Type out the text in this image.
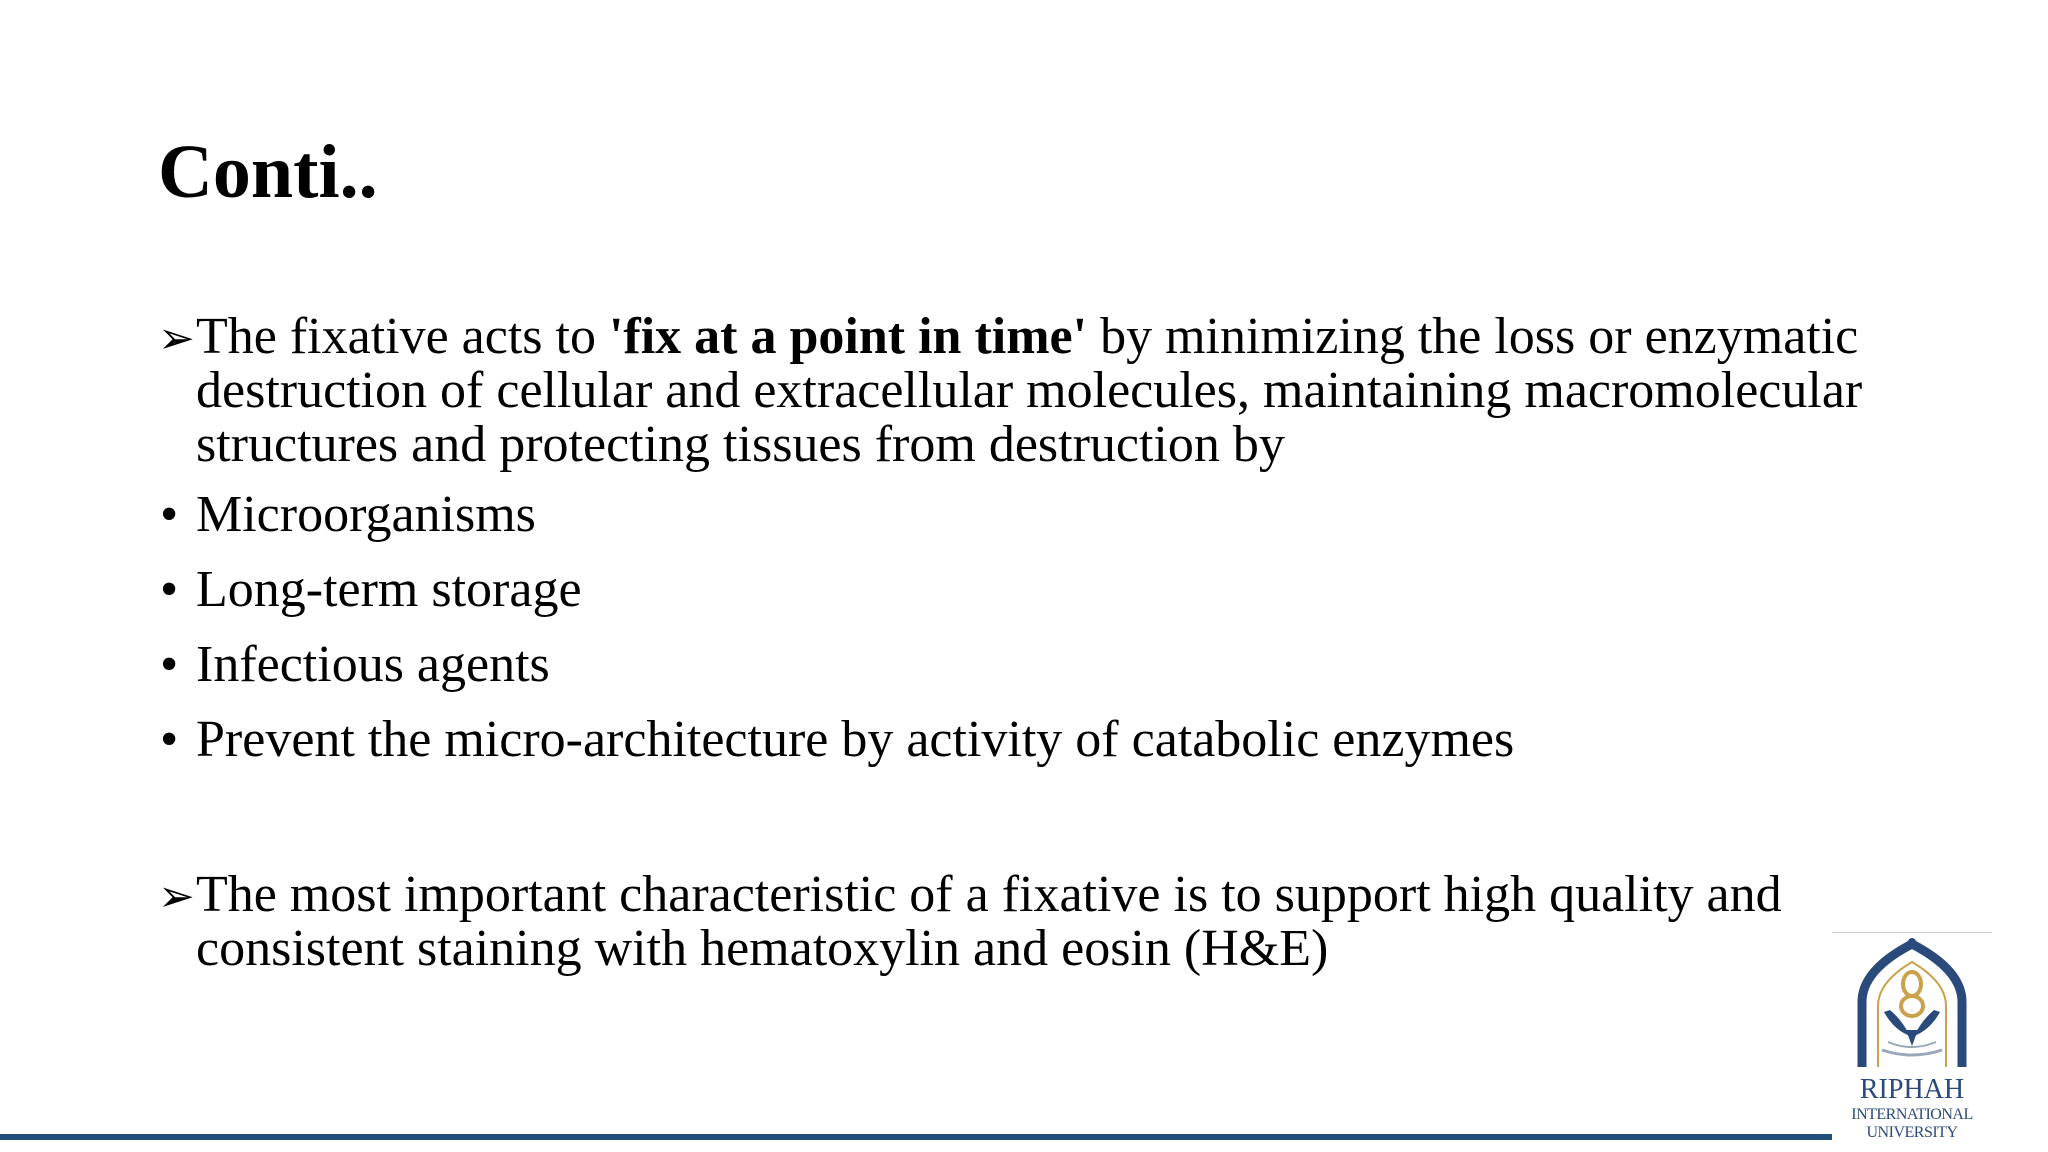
Conti..
➢ The fixative acts to 'fix at a point in time' by minimizing the loss or enzymatic destruction of cellular and extracellular molecules, maintaining macromolecular structures and protecting tissues from destruction by
• Microorganisms
• Long-term storage
• Infectious agents
• Prevent the micro-architecture by activity of catabolic enzymes
➢ The most important characteristic of a fixative is to support high quality and consistent staining with hematoxylin and eosin (H&E)
RIPHAH
INTERNATIONAL
UNIVERSITY
